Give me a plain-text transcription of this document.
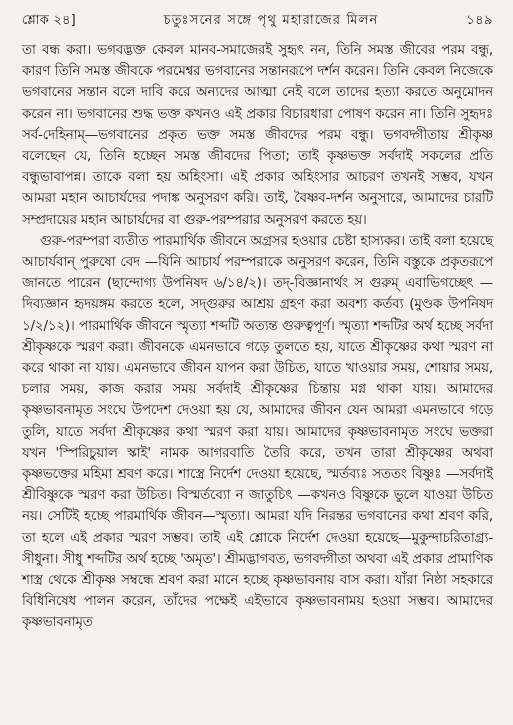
শ্লোক ২৪]	চতুঃসনের সঙ্গে পৃথু মহারাজের মিলন	১৪৯

তা বন্ধ করা। ভগবদ্ভক্ত কেবল মানব-সমাজেরই সুহৃৎ নন, তিনি সমস্ত জীবের পরম বন্ধু, কারণ তিনি সমস্ত জীবকে পরমেশ্বর ভগবানের সন্তানরূপে দর্শন করেন। তিনি কেবল নিজেকে ভগবানের সন্তান বলে দাবি করে অন্যদের আত্মা নেই বলে তাদের হত্যা করতে অনুমোদন করেন না। ভগবানের শুদ্ধ ভক্ত কখনও এই প্রকার বিচারধারা পোষণ করেন না। তিনি সুহৃদঃ সর্ব-দেহিনাম্—ভগবানের প্রকৃত ভক্ত সমস্ত জীবদের পরম বন্ধু। ভগবদ্গীতায় শ্রীকৃষ্ণ বলেছেন যে, তিনি হচ্ছেন সমস্ত জীবদের পিতা; তাই কৃষ্ণভক্ত সর্বদাই সকলের প্রতি বন্ধুভাবাপন্ন। তাকে বলা হয় অহিংসা। এই প্রকার অহিংসার আচরণ তখনই সম্ভব, যখন আমরা মহান আচার্যদের পদাঙ্ক অনুসরণ করি। তাই, বৈষ্ণব-দর্শন অনুসারে, আমাদের চারটি সম্প্রদায়ের মহান আচার্যদের বা গুরু-পরম্পরার অনুসরণ করতে হয়।

গুরু-পরম্পরা ব্যতীত পারমার্থিক জীবনে অগ্রসর হওয়ার চেষ্টা হাস্যকর। তাই বলা হয়েছে আচার্যবান্ পুরুষো বেদ —যিনি আচার্য পরম্পরাকে অনুসরণ করেন, তিনি বস্তুকে প্রকৃতরূপে জানতে পারেন (ছান্দোগ্য উপনিষদ ৬/১৪/২)। তদ্-বিজ্ঞানার্থং স গুরুম্ এবাভিগচ্ছেৎ —দিব্যজ্ঞান হৃদয়ঙ্গম করতে হলে, সদ্গুরুর আশ্রয় গ্রহণ করা অবশ্য কর্তব্য (মুণ্ডক উপনিষদ ১/২/১২)। পারমার্থিক জীবনে স্মৃত্যা শব্দটি অত্যন্ত গুরুত্বপূর্ণ। স্মৃত্যা শব্দটির অর্থ হচ্ছে সর্বদা শ্রীকৃষ্ণকে স্মরণ করা। জীবনকে এমনভাবে গড়ে তুলতে হয়, যাতে শ্রীকৃষ্ণের কথা স্মরণ না করে থাকা না যায়। এমনভাবে জীবন যাপন করা উচিত, যাতে খাওয়ার সময়, শোয়ার সময়, চলার সময়, কাজ করার সময় সর্বদাই শ্রীকৃষ্ণের চিন্তায় মগ্ন থাকা যায়। আমাদের কৃষ্ণভাবনামৃত সংঘে উপদেশ দেওয়া হয় যে, আমাদের জীবন যেন আমরা এমনভাবে গড়ে তুলি, যাতে সর্বদা শ্রীকৃষ্ণের কথা স্মরণ করা যায়। আমাদের কৃষ্ণভাবনামৃত সংঘে ভক্তরা যখন 'স্পিরিচুয়াল স্কাই' নামক আগরবাতি তৈরি করে, তখন তারা শ্রীকৃষ্ণের অথবা কৃষ্ণভক্তের মহিমা শ্রবণ করে। শাস্ত্রে নির্দেশ দেওয়া হয়েছে, স্মর্তব্যঃ সততং বিষ্ণুঃ —সর্বদাই শ্রীবিষ্ণুকে স্মরণ করা উচিত। বিস্মর্তব্যো ন জাতুচিৎ —কখনও বিষ্ণুকে ভুলে যাওয়া উচিত নয়। সেটিই হচ্ছে পারমার্থিক জীবন—স্মৃত্যা। আমরা যদি নিরন্তর ভগবানের কথা শ্রবণ করি, তা হলে এই প্রকার স্মরণ সম্ভব। তাই এই শ্লোকে নির্দেশ দেওয়া হয়েছে—মুকুন্দাচরিতাগ্র্য-সীধুনা। সীধু শব্দটির অর্থ হচ্ছে 'অমৃত'। শ্রীমদ্ভাগবত, ভগবদ্গীতা অথবা এই প্রকার প্রামাণিক শাস্ত্র থেকে শ্রীকৃষ্ণ সম্বন্ধে শ্রবণ করা মানে হচ্ছে কৃষ্ণভাবনায় বাস করা। যাঁরা নিষ্ঠা সহকারে বিধিনিষেধ পালন করেন, তাঁদের পক্ষেই এইভাবে কৃষ্ণভাবনাময় হওয়া সম্ভব। আমাদের কৃষ্ণভাবনামৃত
